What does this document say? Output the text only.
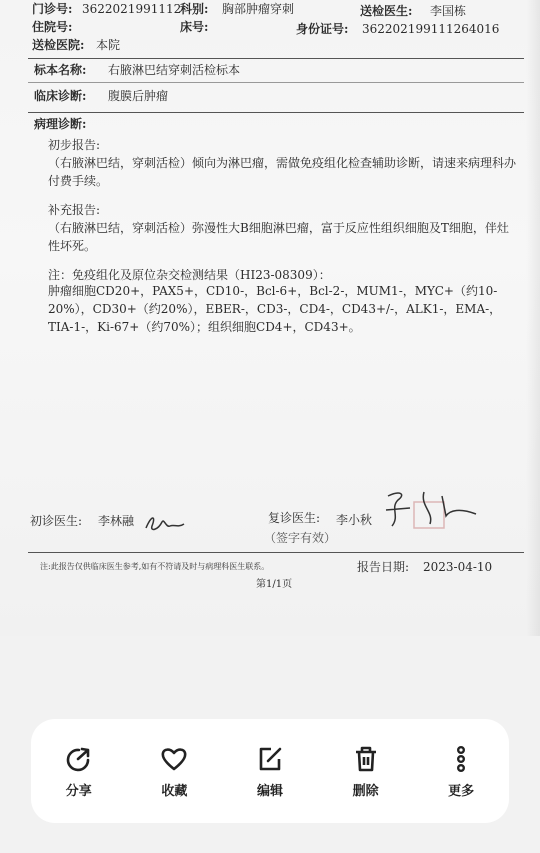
门诊号: 3622021991112
科别: 胸部肿瘤穿刺	送检医生: 李国栋
住院号:	床号:	身份证号: 362202199111264016
送检医院: 本院
标本名称: 右腋淋巴结穿刺活检标本
临床诊断: 腹膜后肿瘤
病理诊断:
初步报告:
（右腋淋巴结，穿刺活检）倾向为淋巴瘤，需做免疫组化检查辅助诊断，请速来病理科办付费手续。
补充报告:
（右腋淋巴结，穿刺活检）弥漫性大B细胞淋巴瘤，富于反应性组织细胞及T细胞，伴灶性坏死。
注：免疫组化及原位杂交检测结果（HI23-08309）：
肿瘤细胞CD20+，PAX5+，CD10-，Bcl-6+，Bcl-2-，MUM1-，MYC+（约10-20%），CD30+（约20%），EBER-，CD3-，CD4-，CD43+/-，ALK1-，EMA-，TIA-1-，Ki-67+（约70%）；组织细胞CD4+，CD43+。
初诊医生: 李林融	复诊医生: 李小秋
（签字有效）
注:此报告仅供临床医生参考,如有不符请及时与病理科医生联系。	报告日期: 2023-04-10
第1/1页
分享	收藏	编辑	删除	更多
